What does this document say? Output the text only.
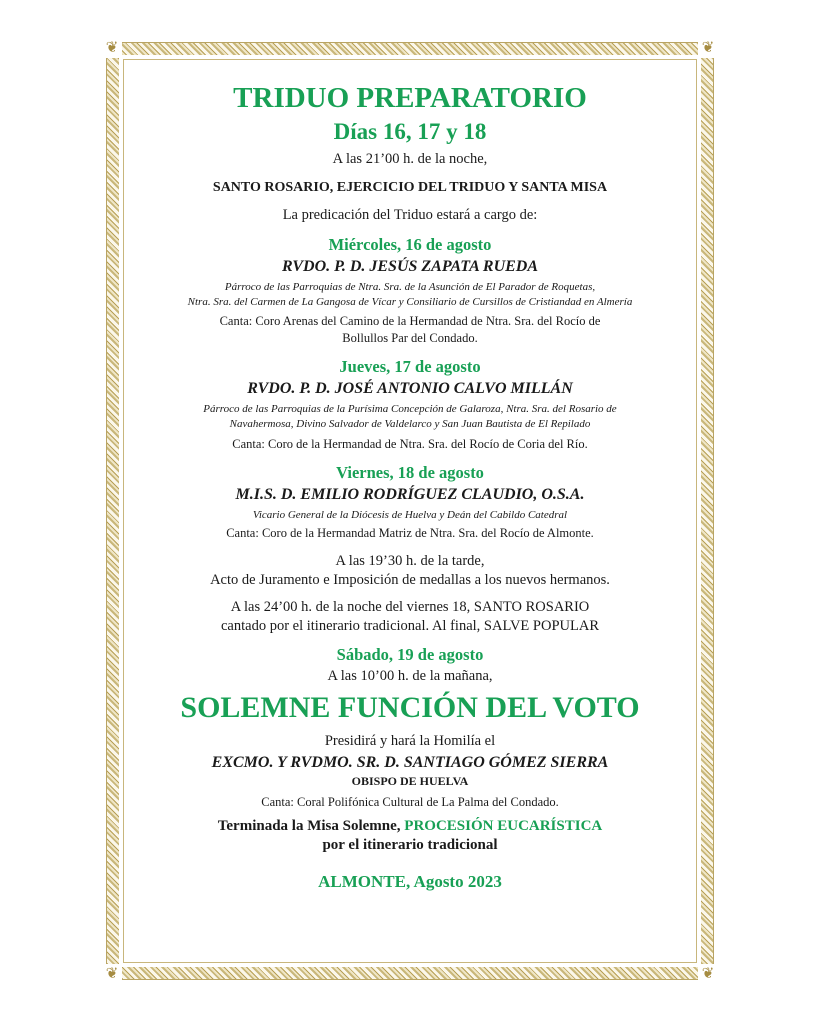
❦	❦
❦	❦

TRIDUO PREPARATORIO

Días 16, 17 y 18

A las 21’00 h. de la noche,

SANTO ROSARIO, EJERCICIO DEL TRIDUO Y SANTA MISA

La predicación del Triduo estará a cargo de:

Miércoles, 16 de agosto

RVDO. P. D. JESÚS ZAPATA RUEDA

Párroco de las Parroquias de Ntra. Sra. de la Asunción de El Parador de Roquetas,

Ntra. Sra. del Carmen de La Gangosa de Vícar y Consiliario de Cursillos de Cristiandad en Almería

Canta: Coro Arenas del Camino de la Hermandad de Ntra. Sra. del Rocío de

Bollullos Par del Condado.

Jueves, 17 de agosto

RVDO. P. D. JOSÉ ANTONIO CALVO MILLÁN

Párroco de las Parroquias de la Purísima Concepción de Galaroza, Ntra. Sra. del Rosario de

Navahermosa, Divino Salvador de Valdelarco y San Juan Bautista de El Repilado

Canta: Coro de la Hermandad de Ntra. Sra. del Rocío de Coria del Río.

Viernes, 18 de agosto

M.I.S. D. EMILIO RODRÍGUEZ CLAUDIO, O.S.A.

Vicario General de la Diócesis de Huelva y Deán del Cabildo Catedral

Canta: Coro de la Hermandad Matriz de Ntra. Sra. del Rocío de Almonte.

A las 19’30 h. de la tarde,

Acto de Juramento e Imposición de medallas a los nuevos hermanos.

A las 24’00 h. de la noche del viernes 18, SANTO ROSARIO

cantado por el itinerario tradicional. Al final, SALVE POPULAR

Sábado, 19 de agosto

A las 10’00 h. de la mañana,

SOLEMNE FUNCIÓN DEL VOTO

Presidirá y hará la Homilía el

EXCMO. Y RVDMO. SR. D. SANTIAGO GÓMEZ SIERRA

OBISPO DE HUELVA

Canta: Coral Polifónica Cultural de La Palma del Condado.

Terminada la Misa Solemne, PROCESIÓN EUCARÍSTICA

por el itinerario tradicional

ALMONTE, Agosto 2023
